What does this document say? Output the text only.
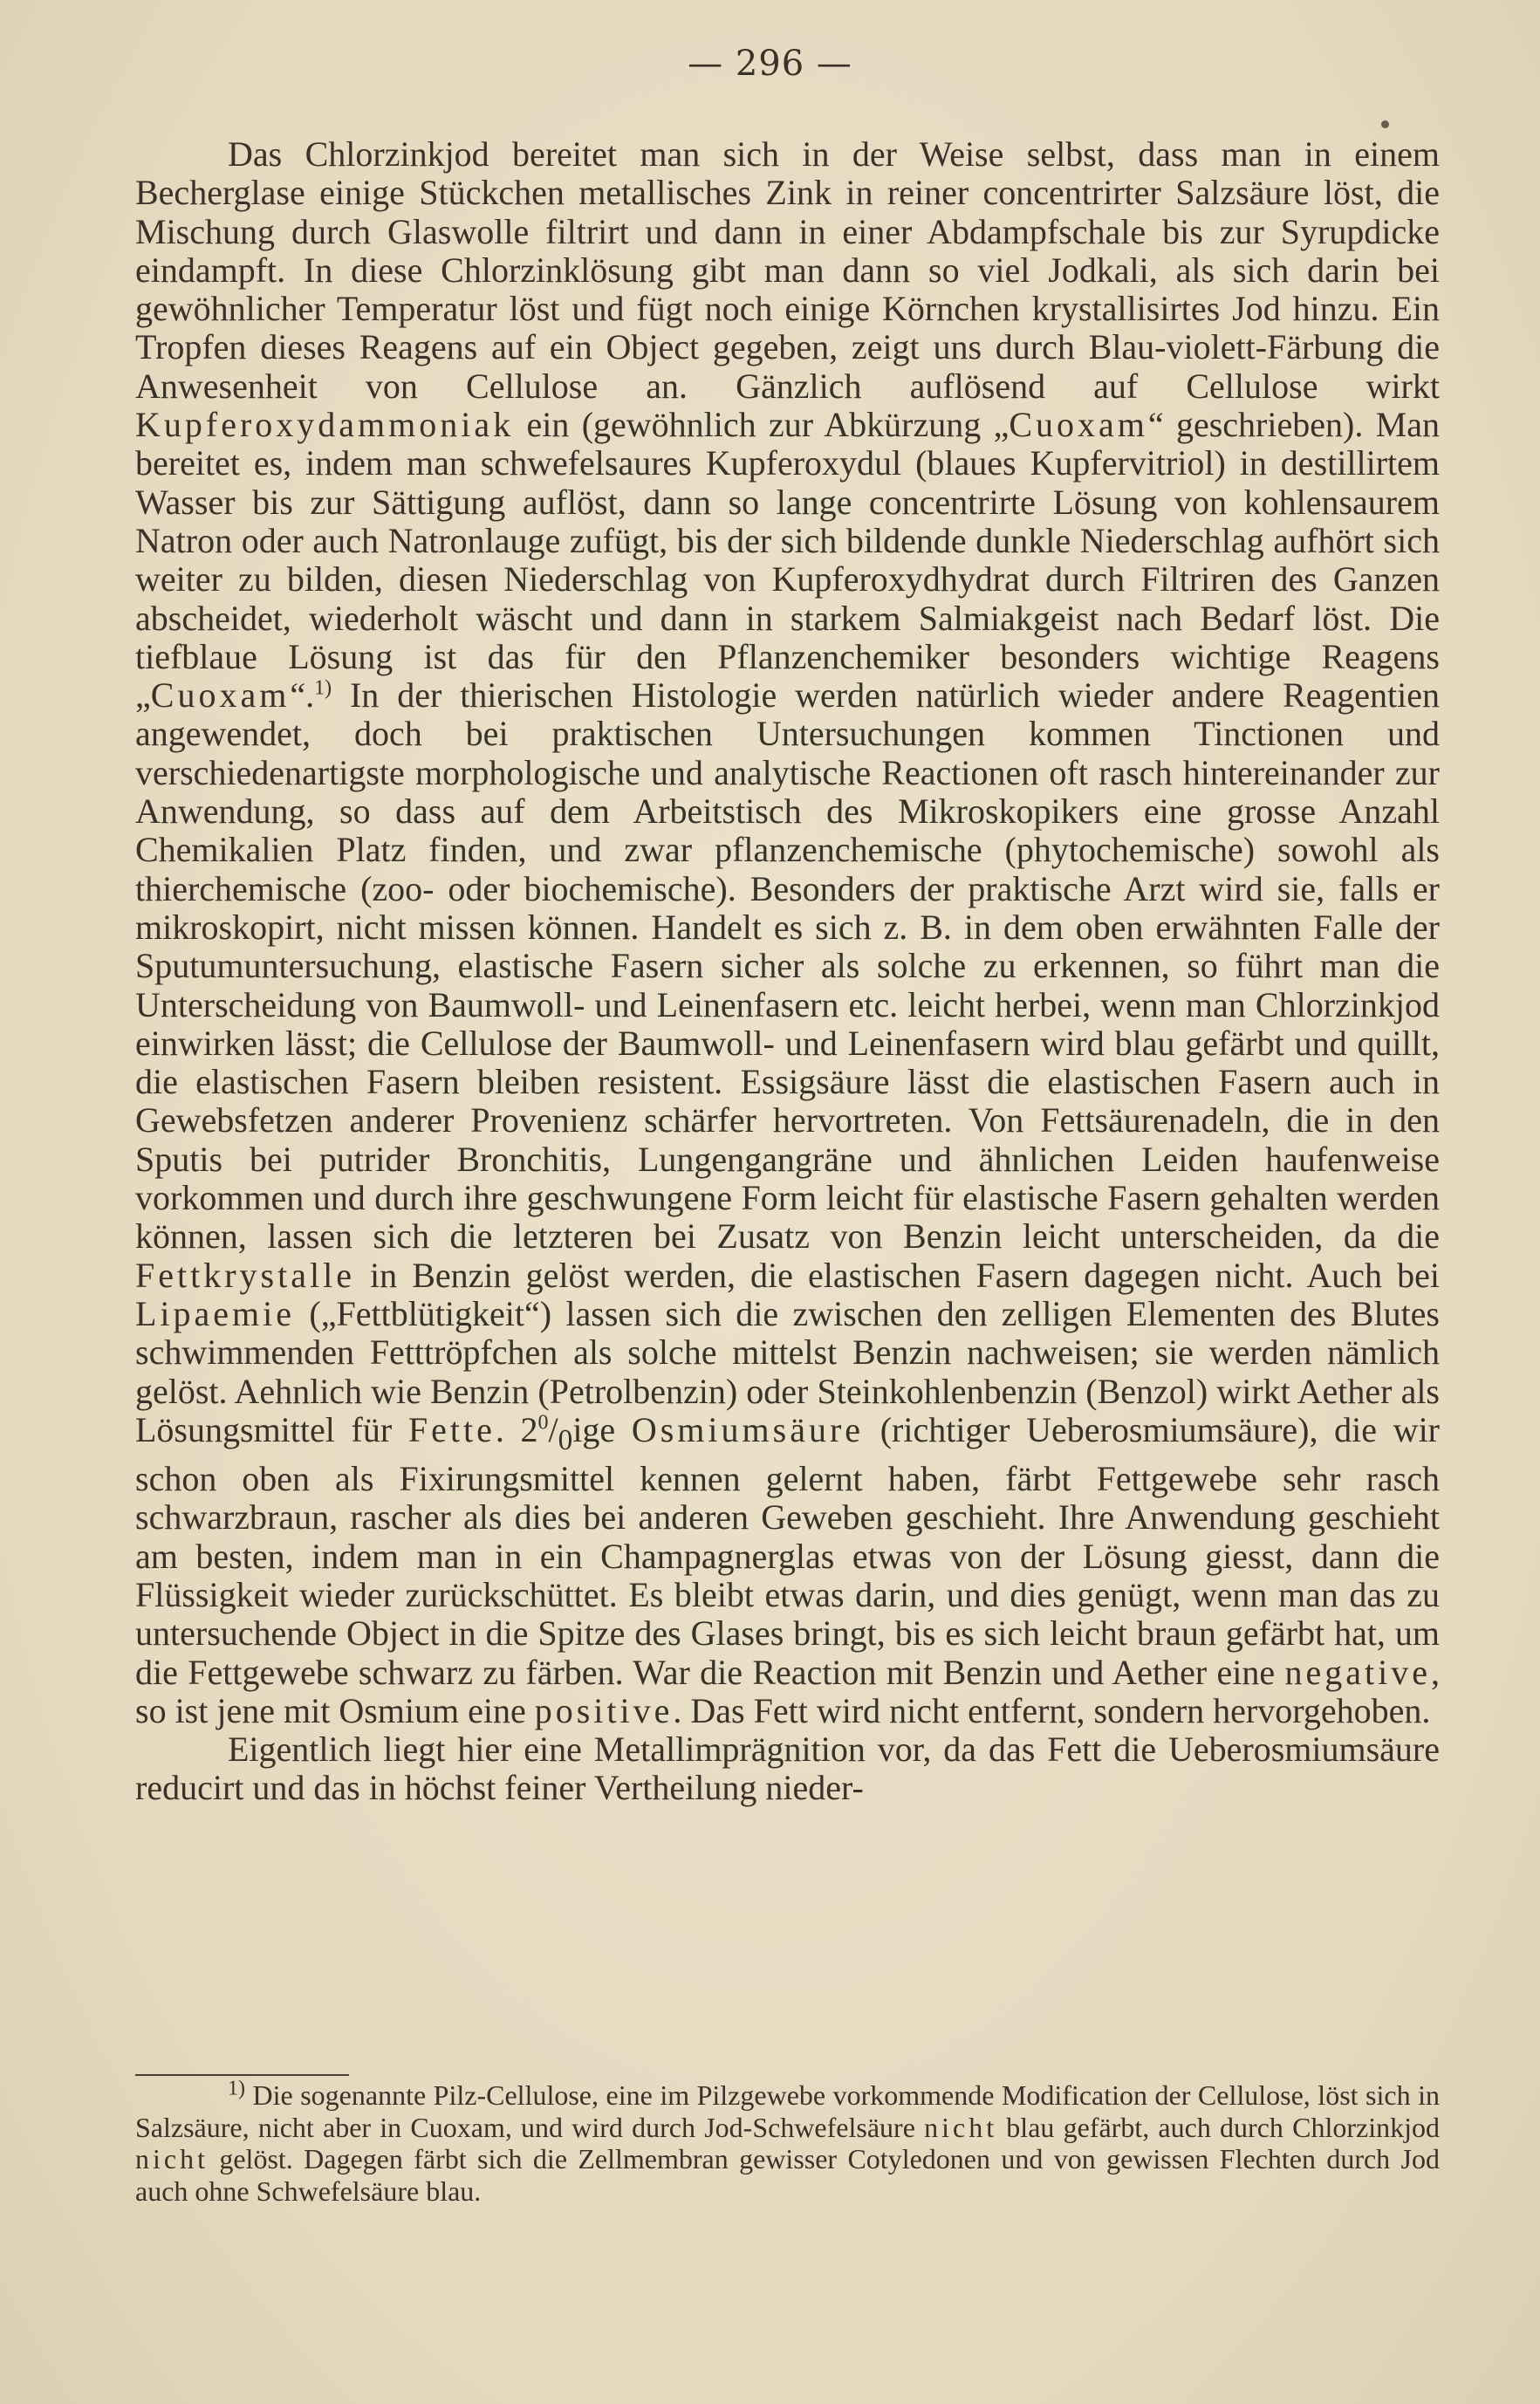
— 296 —

Das Chlorzinkjod bereitet man sich in der Weise selbst, dass man in einem Becherglase einige Stückchen metallisches Zink in reiner concentrirter Salzsäure löst, die Mischung durch Glaswolle filtrirt und dann in einer Abdampfschale bis zur Syrupdicke eindampft. In diese Chlorzinklösung gibt man dann so viel Jodkali, als sich darin bei gewöhnlicher Temperatur löst und fügt noch einige Körnchen krystallisirtes Jod hinzu. Ein Tropfen dieses Reagens auf ein Object gegeben, zeigt uns durch Blau-violett-Färbung die Anwesenheit von Cellulose an. Gänzlich auflösend auf Cellulose wirkt Kupferoxydammoniak ein (gewöhnlich zur Abkürzung „Cuoxam“ geschrieben). Man bereitet es, indem man schwefelsaures Kupferoxydul (blaues Kupfervitriol) in destillirtem Wasser bis zur Sättigung auflöst, dann so lange concentrirte Lösung von kohlensaurem Natron oder auch Natronlauge zufügt, bis der sich bildende dunkle Niederschlag aufhört sich weiter zu bilden, diesen Niederschlag von Kupferoxydhydrat durch Filtriren des Ganzen abscheidet, wiederholt wäscht und dann in starkem Salmiakgeist nach Bedarf löst. Die tiefblaue Lösung ist das für den Pflanzenchemiker besonders wichtige Reagens „Cuoxam“.$^{1)}$ In der thierischen Histologie werden natürlich wieder andere Reagentien angewendet, doch bei praktischen Untersuchungen kommen Tinctionen und verschiedenartigste morphologische und analytische Reactionen oft rasch hintereinander zur Anwendung, so dass auf dem Arbeitstisch des Mikroskopikers eine grosse Anzahl Chemikalien Platz finden, und zwar pflanzenchemische (phytochemische) sowohl als thierchemische (zoo- oder biochemische). Besonders der praktische Arzt wird sie, falls er mikroskopirt, nicht missen können. Handelt es sich z. B. in dem oben erwähnten Falle der Sputumuntersuchung, elastische Fasern sicher als solche zu erkennen, so führt man die Unterscheidung von Baumwoll- und Leinenfasern etc. leicht herbei, wenn man Chlorzinkjod einwirken lässt; die Cellulose der Baumwoll- und Leinenfasern wird blau gefärbt und quillt, die elastischen Fasern bleiben resistent. Essigsäure lässt die elastischen Fasern auch in Gewebsfetzen anderer Provenienz schärfer hervortreten. Von Fettsäurenadeln, die in den Sputis bei putrider Bronchitis, Lungengangräne und ähnlichen Leiden haufenweise vorkommen und durch ihre geschwungene Form leicht für elastische Fasern gehalten werden können, lassen sich die letzteren bei Zusatz von Benzin leicht unterscheiden, da die Fettkrystalle in Benzin gelöst werden, die elastischen Fasern dagegen nicht. Auch bei Lipaemie („Fettblütigkeit“) lassen sich die zwischen den zelligen Elementen des Blutes schwimmenden Fetttröpfchen als solche mittelst Benzin nachweisen; sie werden nämlich gelöst. Aehnlich wie Benzin (Petrolbenzin) oder Steinkohlenbenzin (Benzol) wirkt Aether als Lösungsmittel für Fette. $2^0/_0ige$ Osmiumsäure (richtiger Ueberosmiumsäure), die wir schon oben als Fixirungsmittel kennen gelernt haben, färbt Fettgewebe sehr rasch schwarzbraun, rascher als dies bei anderen Geweben geschieht. Ihre Anwendung geschieht am besten, indem man in ein Champagnerglas etwas von der Lösung giesst, dann die Flüssigkeit wieder zurückschüttet. Es bleibt etwas darin, und dies genügt, wenn man das zu untersuchende Object in die Spitze des Glases bringt, bis es sich leicht braun gefärbt hat, um die Fettgewebe schwarz zu färben. War die Reaction mit Benzin und Aether eine negative, so ist jene mit Osmium eine positive. Das Fett wird nicht entfernt, sondern hervorgehoben.

Eigentlich liegt hier eine Metallimprägnition vor, da das Fett die Ueberosmiumsäure reducirt und das in höchst feiner Vertheilung nieder-

$^{1)}$ Die sogenannte Pilz-Cellulose, eine im Pilzgewebe vorkommende Modification der Cellulose, löst sich in Salzsäure, nicht aber in Cuoxam, und wird durch Jod-Schwefelsäure nicht blau gefärbt, auch durch Chlorzinkjod nicht gelöst. Dagegen färbt sich die Zellmembran gewisser Cotyledonen und von gewissen Flechten durch Jod auch ohne Schwefelsäure blau.
